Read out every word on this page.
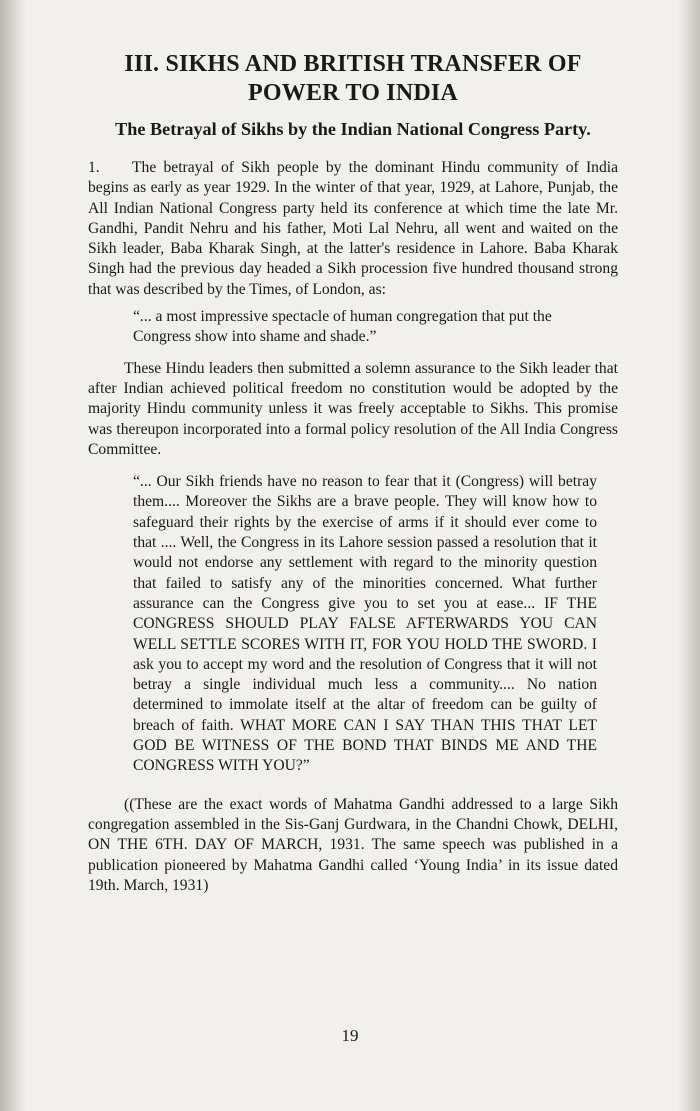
III. SIKHS AND BRITISH TRANSFER OF POWER TO INDIA
The Betrayal of Sikhs by the Indian National Congress Party.

1. The betrayal of Sikh people by the dominant Hindu community of India begins as early as year 1929. In the winter of that year, 1929, at Lahore, Punjab, the All Indian National Congress party held its conference at which time the late Mr. Gandhi, Pandit Nehru and his father, Moti Lal Nehru, all went and waited on the Sikh leader, Baba Kharak Singh, at the latter's residence in Lahore. Baba Kharak Singh had the previous day headed a Sikh procession five hundred thousand strong that was described by the Times, of London, as:

“... a most impressive spectacle of human congregation that put the Congress show into shame and shade.”

These Hindu leaders then submitted a solemn assurance to the Sikh leader that after Indian achieved political freedom no constitution would be adopted by the majority Hindu community unless it was freely acceptable to Sikhs. This promise was thereupon incorporated into a formal policy resolution of the All India Congress Committee.

“... Our Sikh friends have no reason to fear that it (Congress) will betray them.... Moreover the Sikhs are a brave people. They will know how to safeguard their rights by the exercise of arms if it should ever come to that .... Well, the Congress in its Lahore session passed a resolution that it would not endorse any settlement with regard to the minority question that failed to satisfy any of the minorities concerned. What further assurance can the Congress give you to set you at ease... IF THE CONGRESS SHOULD PLAY FALSE AFTERWARDS YOU CAN WELL SETTLE SCORES WITH IT, FOR YOU HOLD THE SWORD. I ask you to accept my word and the resolution of Congress that it will not betray a single individual much less a community.... No nation determined to immolate itself at the altar of freedom can be guilty of breach of faith. WHAT MORE CAN I SAY THAN THIS THAT LET GOD BE WITNESS OF THE BOND THAT BINDS ME AND THE CONGRESS WITH YOU?”

((These are the exact words of Mahatma Gandhi addressed to a large Sikh congregation assembled in the Sis-Ganj Gurdwara, in the Chandni Chowk, DELHI, ON THE 6TH. DAY OF MARCH, 1931. The same speech was published in a publication pioneered by Mahatma Gandhi called ‘Young India’ in its issue dated 19th. March, 1931)

19
